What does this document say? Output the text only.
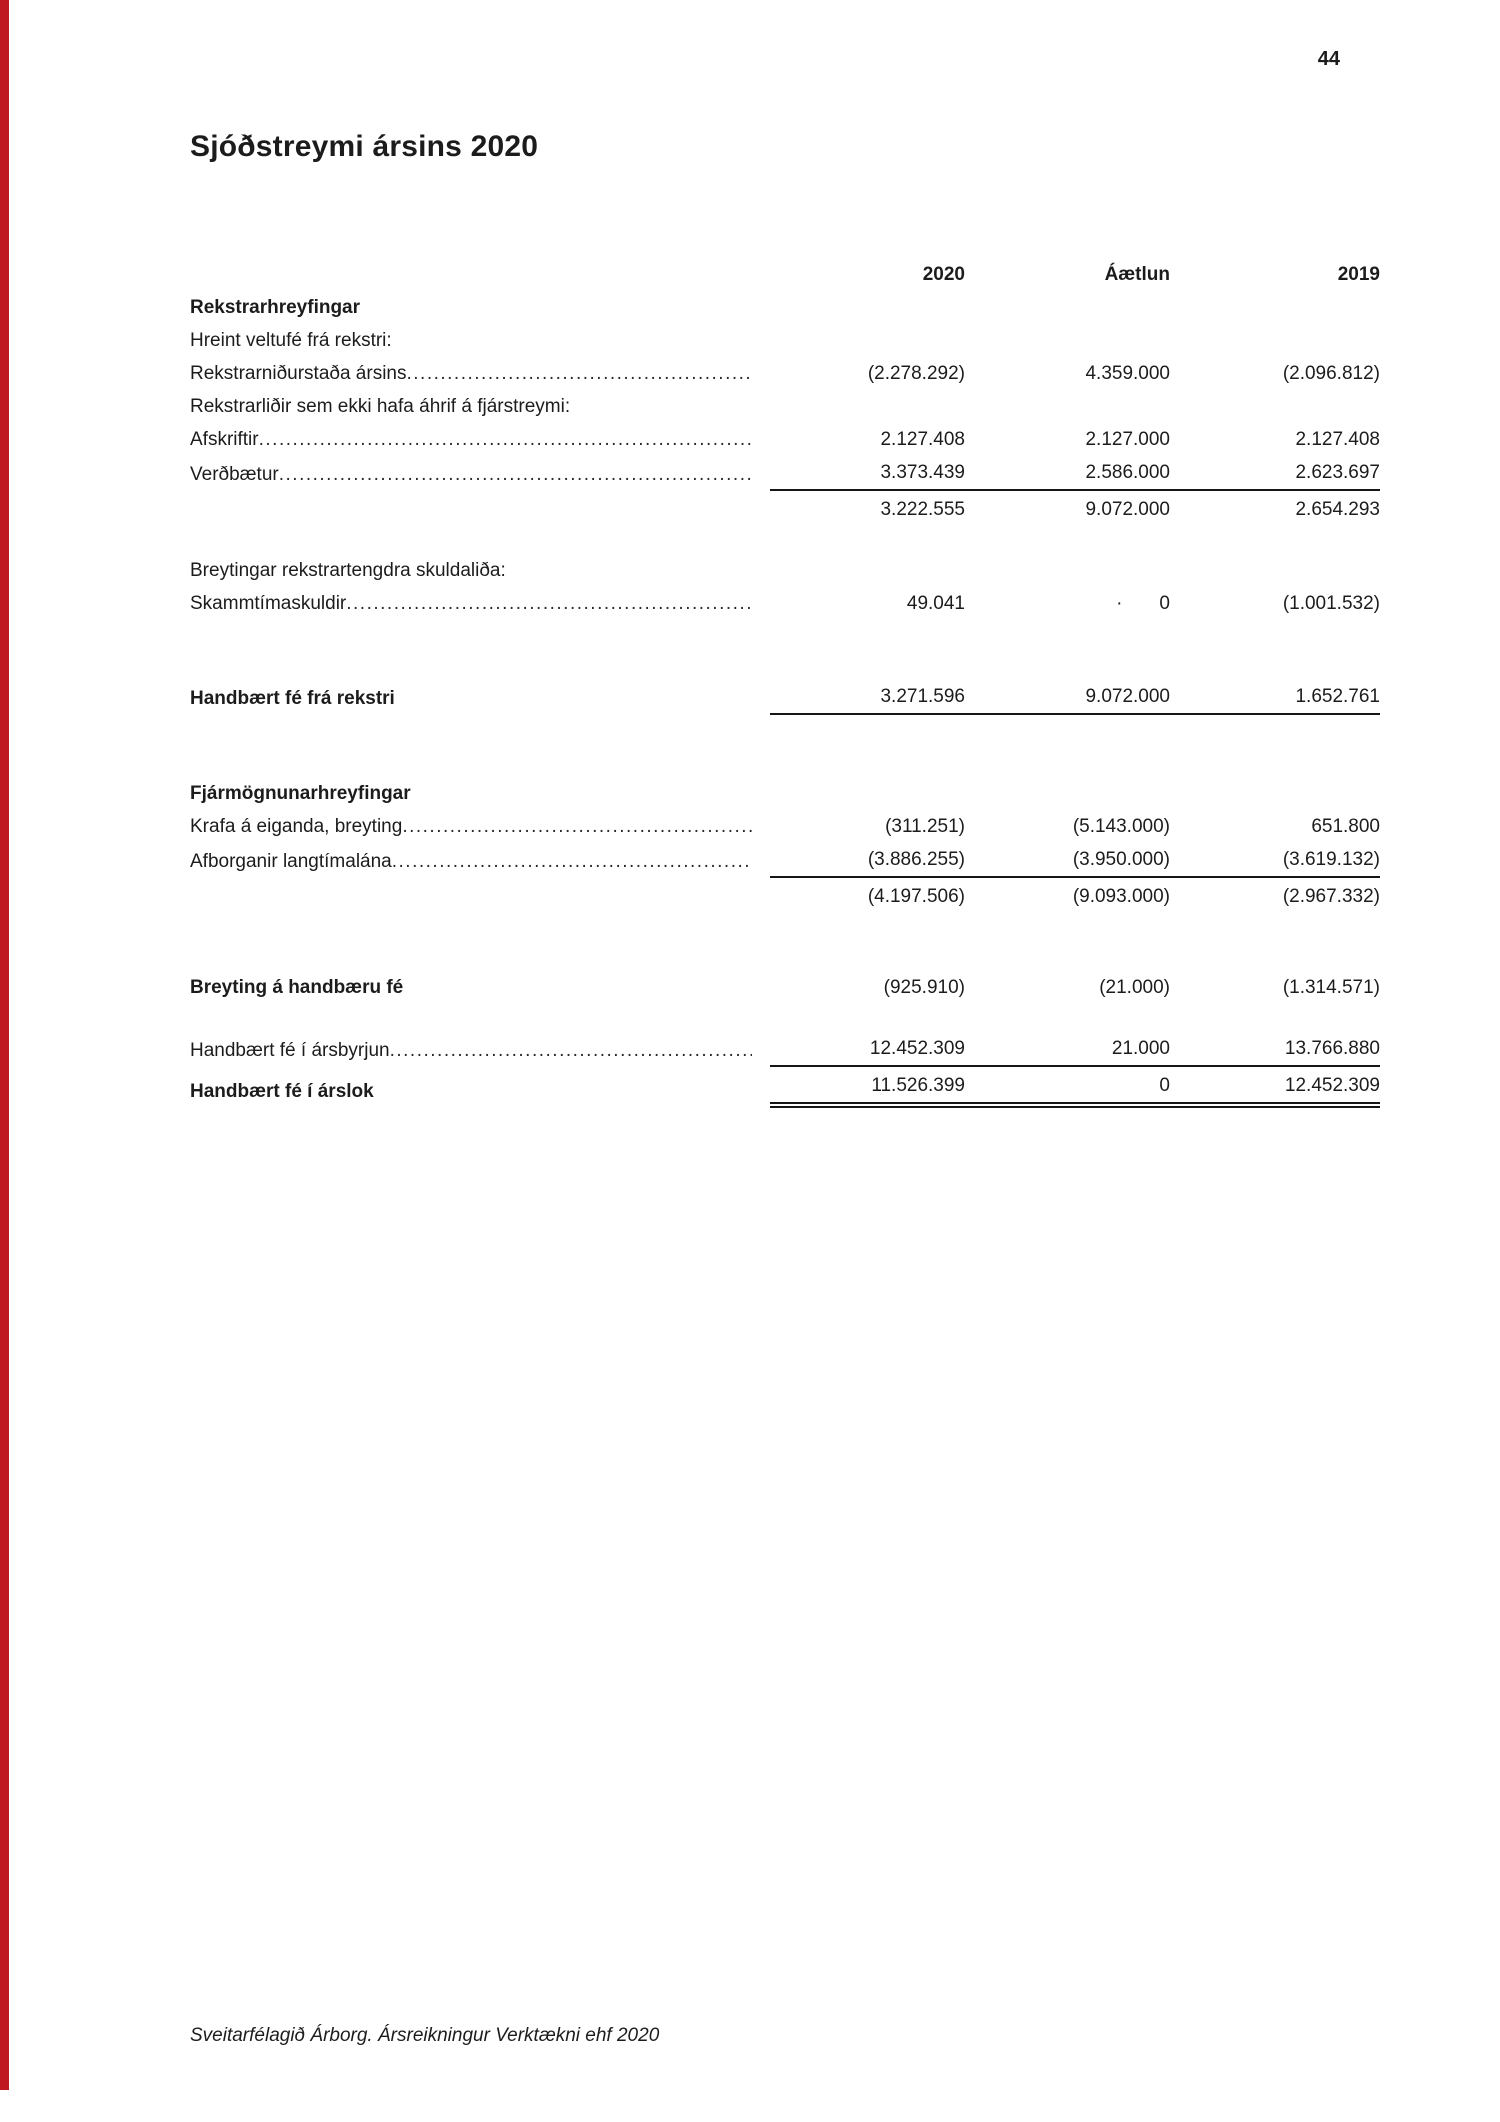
44
Sjóðstreymi ársins 2020
2020	Áætlun	2019
Rekstrarhreyfingar
Hreint veltufé frá rekstri:
Rekstrarniðurstaða ársins .....	(2.278.292)	4.359.000	(2.096.812)
Rekstrarliðir sem ekki hafa áhrif á fjárstreymi:
Afskriftir .....	2.127.408	2.127.000	2.127.408
Verðbætur .....	3.373.439	2.586.000	2.623.697
3.222.555	9.072.000	2.654.293
Breytingar rekstrartengdra skuldaliða:
Skammtímaskuldir .....	49.041	·       0	(1.001.532)
Handbært fé frá rekstri	3.271.596	9.072.000	1.652.761
Fjármögnunarhreyfingar
Krafa á eiganda, breyting .....	(311.251)	(5.143.000)	651.800
Afborganir langtímalána .....	(3.886.255)	(3.950.000)	(3.619.132)
(4.197.506)	(9.093.000)	(2.967.332)
Breyting á handbæru fé	(925.910)	(21.000)	(1.314.571)
Handbært fé í ársbyrjun .....	12.452.309	21.000	13.766.880
Handbært fé í árslok	11.526.399	0	12.452.309
Sveitarfélagið Árborg. Ársreikningur Verktækni ehf 2020
